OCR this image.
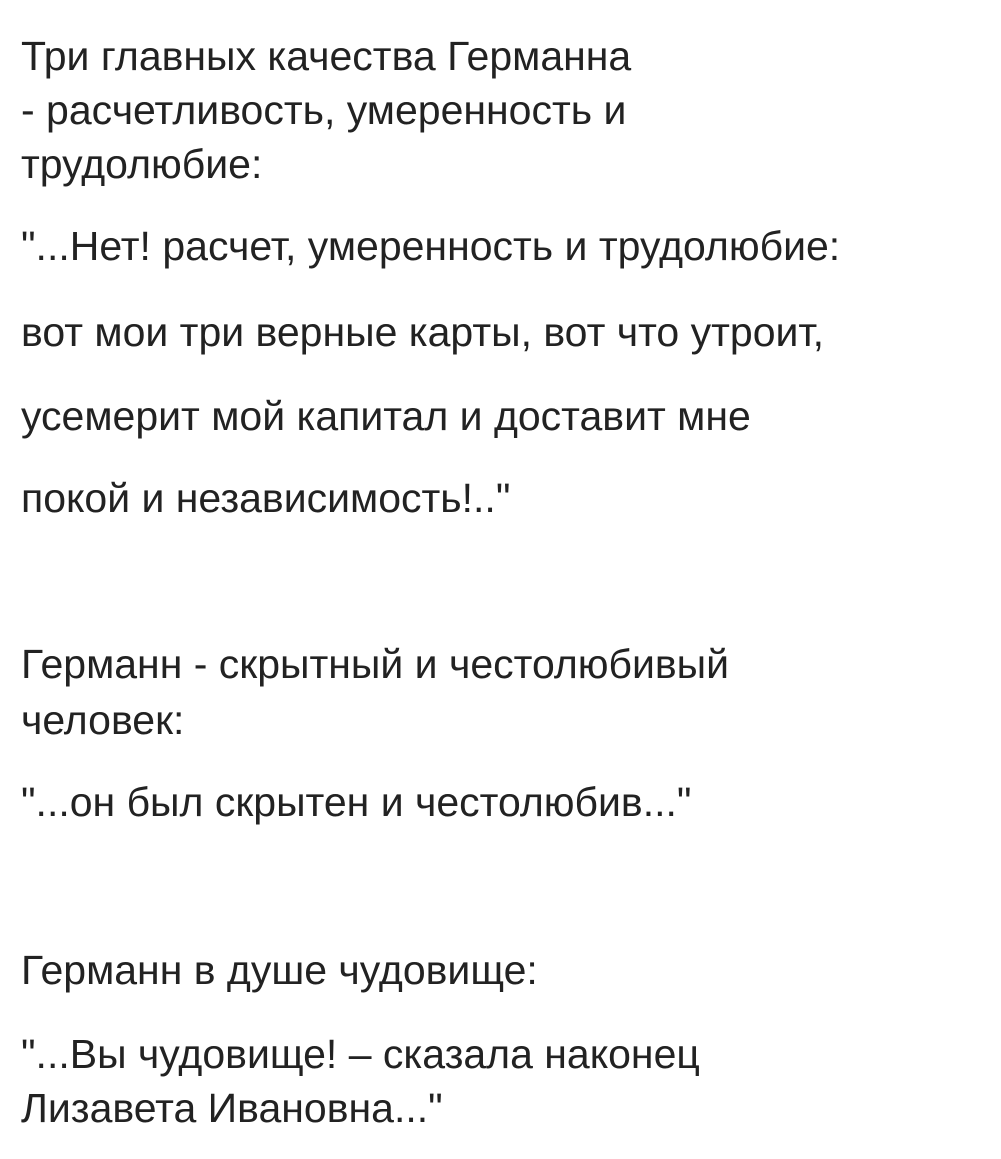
Три главных качества Германна

- расчетливость, умеренность и

трудолюбие:

"...Нет! расчет, умеренность и трудолюбие:

вот мои три верные карты, вот что утроит,

усемерит мой капитал и доставит мне

покой и независимость!.."

Германн - скрытный и честолюбивый

человек:

"...он был скрытен и честолюбив..."

Германн в душе чудовище:

"...Вы чудовище! – сказала наконец

Лизавета Ивановна..."
